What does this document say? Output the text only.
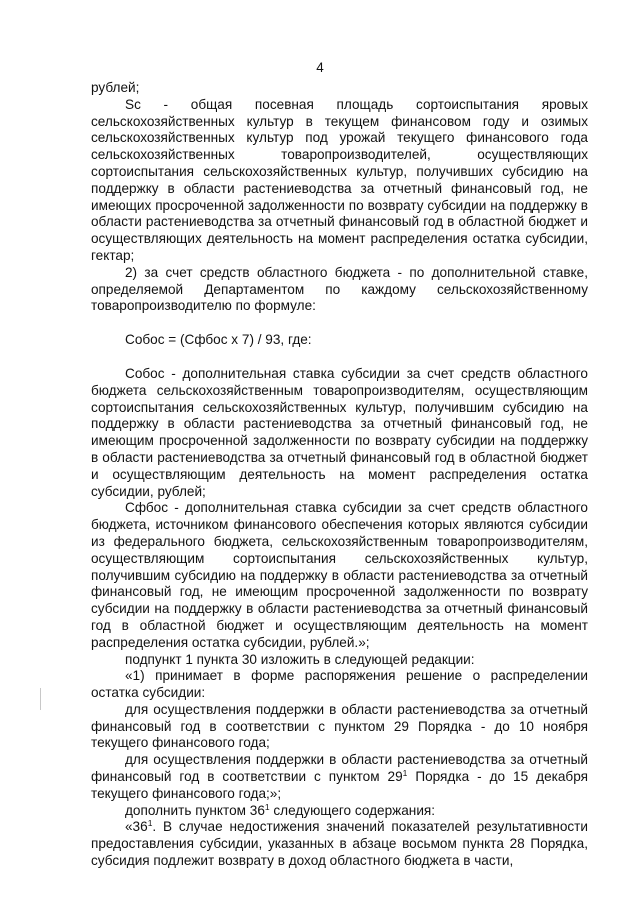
4

рублей;

Sc - общая посевная площадь сортоиспытания яровых сельскохозяйственных культур в текущем финансовом году и озимых сельскохозяйственных культур под урожай текущего финансового года сельскохозяйственных товаропроизводителей, осуществляющих сортоиспытания сельскохозяйственных культур, получивших субсидию на поддержку в области растениеводства за отчетный финансовый год, не имеющих просроченной задолженности по возврату субсидии на поддержку в области растениеводства за отчетный финансовый год в областной бюджет и осуществляющих деятельность на момент распределения остатка субсидии, гектар;

2) за счет средств областного бюджета - по дополнительной ставке, определяемой Департаментом по каждому сельскохозяйственному товаропроизводителю по формуле:

Собос = (Сфбос х 7) / 93, где:

Собос - дополнительная ставка субсидии за счет средств областного бюджета сельскохозяйственным товаропроизводителям, осуществляющим сортоиспытания сельскохозяйственных культур, получившим субсидию на поддержку в области растениеводства за отчетный финансовый год, не имеющим просроченной задолженности по возврату субсидии на поддержку в области растениеводства за отчетный финансовый год в областной бюджет и осуществляющим деятельность на момент распределения остатка субсидии, рублей;

Сфбос - дополнительная ставка субсидии за счет средств областного бюджета, источником финансового обеспечения которых являются субсидии из федерального бюджета, сельскохозяйственным товаропроизводителям, осуществляющим сортоиспытания сельскохозяйственных культур, получившим субсидию на поддержку в области растениеводства за отчетный финансовый год, не имеющим просроченной задолженности по возврату субсидии на поддержку в области растениеводства за отчетный финансовый год в областной бюджет и осуществляющим деятельность на момент распределения остатка субсидии, рублей.»;

подпункт 1 пункта 30 изложить в следующей редакции:

«1) принимает в форме распоряжения решение о распределении остатка субсидии:

для осуществления поддержки в области растениеводства за отчетный финансовый год в соответствии с пунктом 29 Порядка - до 10 ноября текущего финансового года;

для осуществления поддержки в области растениеводства за отчетный финансовый год в соответствии с пунктом $29^1$ Порядка - до 15 декабря текущего финансового года;»;

дополнить пунктом $36^1$ следующего содержания:

«$36^1$. В случае недостижения значений показателей результативности предоставления субсидии, указанных в абзаце восьмом пункта 28 Порядка, субсидия подлежит возврату в доход областного бюджета в части,
